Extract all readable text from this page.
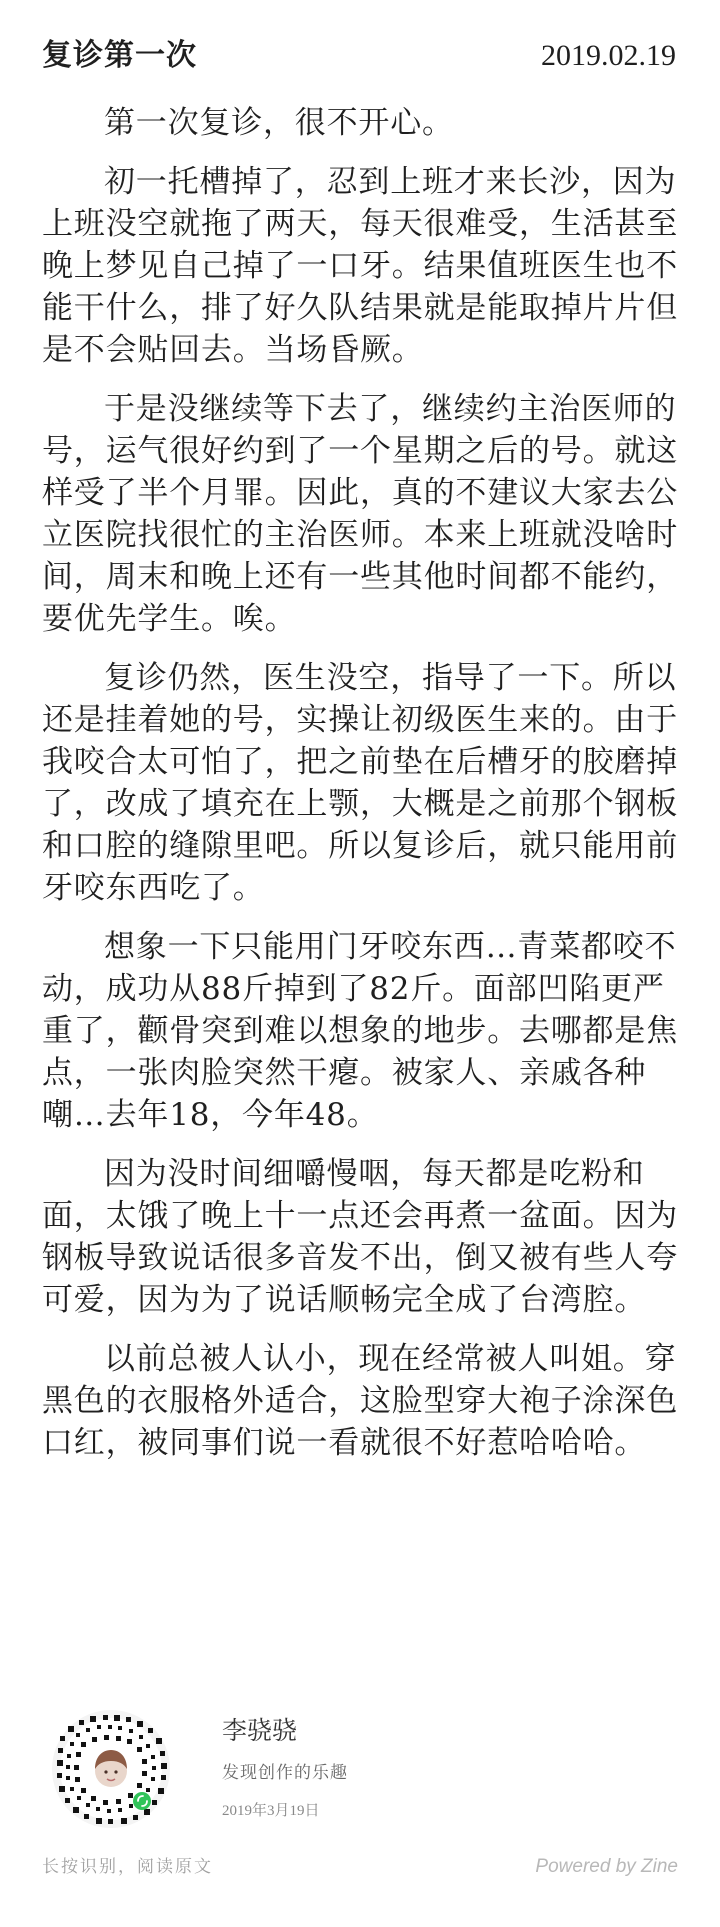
复诊第一次	2019.02.19

第一次复诊，很不开心。

初一托槽掉了，忍到上班才来长沙，因为上班没空就拖了两天，每天很难受，生活甚至晚上梦见自己掉了一口牙。结果值班医生也不能干什么，排了好久队结果就是能取掉片片但是不会贴回去。当场昏厥。

于是没继续等下去了，继续约主治医师的号，运气很好约到了一个星期之后的号。就这样受了半个月罪。因此，真的不建议大家去公立医院找很忙的主治医师。本来上班就没啥时间，周末和晚上还有一些其他时间都不能约，要优先学生。唉。

复诊仍然，医生没空，指导了一下。所以还是挂着她的号，实操让初级医生来的。由于我咬合太可怕了，把之前垫在后槽牙的胶磨掉了，改成了填充在上颚，大概是之前那个钢板和口腔的缝隙里吧。所以复诊后，就只能用前牙咬东西吃了。

想象一下只能用门牙咬东西…青菜都咬不动，成功从88斤掉到了82斤。面部凹陷更严重了，颧骨突到难以想象的地步。去哪都是焦点，一张肉脸突然干瘪。被家人、亲戚各种嘲…去年18，今年48。

因为没时间细嚼慢咽，每天都是吃粉和面，太饿了晚上十一点还会再煮一盆面。因为钢板导致说话很多音发不出，倒又被有些人夸可爱，因为为了说话顺畅完全成了台湾腔。

以前总被人认小，现在经常被人叫姐。穿黑色的衣服格外适合，这脸型穿大袍子涂深色口红，被同事们说一看就很不好惹哈哈哈。

李骁骁
发现创作的乐趣
2019年3月19日
长按识别，阅读原文	Powered by Zine
